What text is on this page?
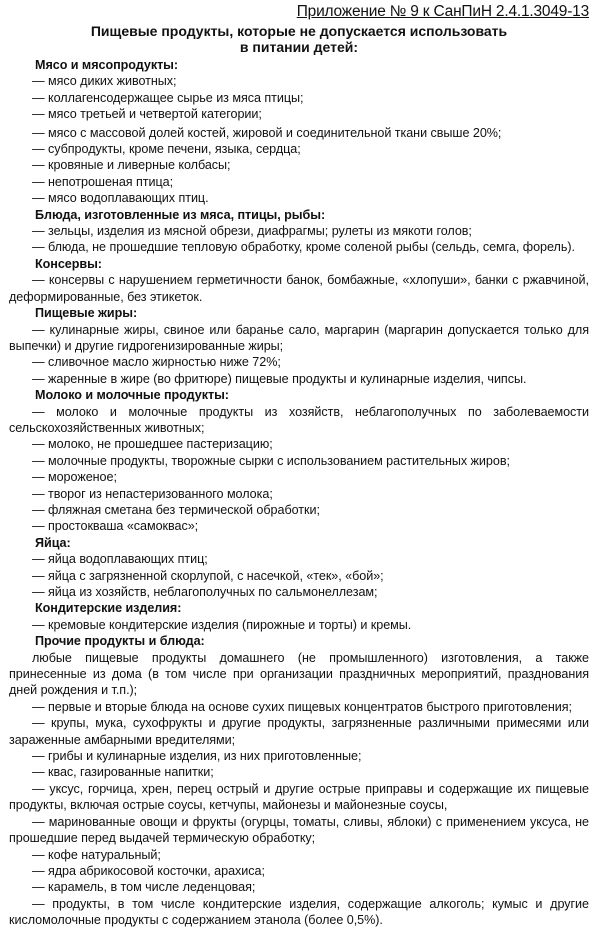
Приложение № 9 к СанПиН 2.4.1.3049-13
Пищевые продукты, которые не допускается использовать
в питании детей:
Мясо и мясопродукты:
— мясо диких животных;
— коллагенсодержащее сырье из мяса птицы;
— мясо третьей и четвертой категории;
— мясо с массовой долей костей, жировой и соединительной ткани свыше 20%;
— субпродукты, кроме печени, языка, сердца;
— кровяные и ливерные колбасы;
— непотрошеная птица;
— мясо водоплавающих птиц.
Блюда, изготовленные из мяса, птицы, рыбы:
— зельцы, изделия из мясной обрези, диафрагмы; рулеты из мякоти голов;
— блюда, не прошедшие тепловую обработку, кроме соленой рыбы (сельдь, семга, форель).
Консервы:
— консервы с нарушением герметичности банок, бомбажные, «хлопуши», банки с ржавчиной, деформированные, без этикеток.
Пищевые жиры:
— кулинарные жиры, свиное или баранье сало, маргарин (маргарин допускается только для выпечки) и другие гидрогенизированные жиры;
— сливочное масло жирностью ниже 72%;
— жаренные в жире (во фритюре) пищевые продукты и кулинарные изделия, чипсы.
Молоко и молочные продукты:
— молоко и молочные продукты из хозяйств, неблагополучных по заболеваемости сельскохозяйственных животных;
— молоко, не прошедшее пастеризацию;
— молочные продукты, творожные сырки с использованием растительных жиров;
— мороженое;
— творог из непастеризованного молока;
— фляжная сметана без термической обработки;
— простокваша «самоквас»;
Яйца:
— яйца водоплавающих птиц;
— яйца с загрязненной скорлупой, с насечкой, «тек», «бой»;
— яйца из хозяйств, неблагополучных по сальмонеллезам;
Кондитерские изделия:
— кремовые кондитерские изделия (пирожные и торты) и кремы.
Прочие продукты и блюда:
любые пищевые продукты домашнего (не промышленного) изготовления, а также принесенные из дома (в том числе при организации праздничных мероприятий, празднования дней рождения и т.п.);
— первые и вторые блюда на основе сухих пищевых концентратов быстрого приготовления;
— крупы, мука, сухофрукты и другие продукты, загрязненные различными примесями или зараженные амбарными вредителями;
— грибы и кулинарные изделия, из них приготовленные;
— квас, газированные напитки;
— уксус, горчица, хрен, перец острый и другие острые приправы и содержащие их пищевые продукты, включая острые соусы, кетчупы, майонезы и майонезные соусы,
— маринованные овощи и фрукты (огурцы, томаты, сливы, яблоки) с применением уксуса, не прошедшие перед выдачей термическую обработку;
— кофе натуральный;
— ядра абрикосовой косточки, арахиса;
— карамель, в том числе леденцовая;
— продукты, в том числе кондитерские изделия, содержащие алкоголь; кумыс и другие кисломолочные продукты с содержанием этанола (более 0,5%).
